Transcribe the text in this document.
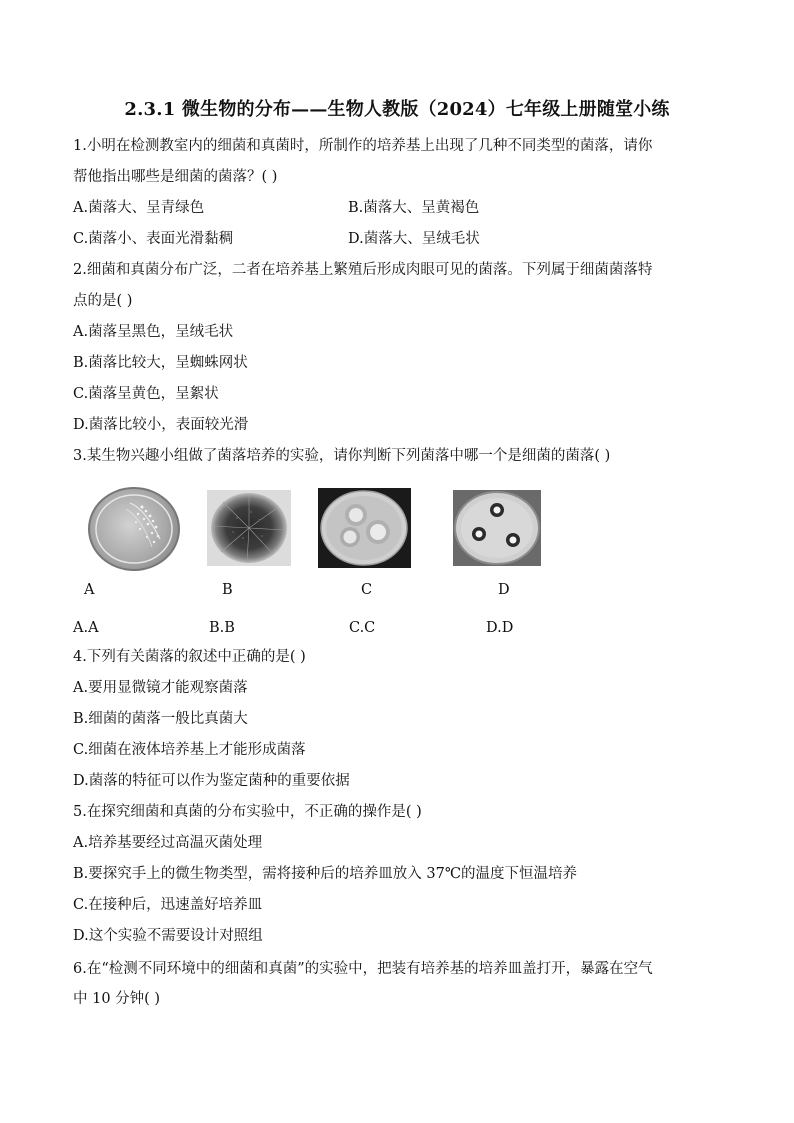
2.3.1 微生物的分布——生物人教版（2024）七年级上册随堂小练
1.小明在检测教室内的细菌和真菌时，所制作的培养基上出现了几种不同类型的菌落，请你
帮他指出哪些是细菌的菌落？( )
A.菌落大、呈青绿色	B.菌落大、呈黄褐色
C.菌落小、表面光滑黏稠	D.菌落大、呈绒毛状
2.细菌和真菌分布广泛，二者在培养基上繁殖后形成肉眼可见的菌落。下列属于细菌菌落特
点的是( )
A.菌落呈黑色，呈绒毛状
B.菌落比较大，呈蜘蛛网状
C.菌落呈黄色，呈絮状
D.菌落比较小，表面较光滑
3.某生物兴趣小组做了菌落培养的实验，请你判断下列菌落中哪一个是细菌的菌落( )
A	B	C	D
A.A	B.B	C.C	D.D
4.下列有关菌落的叙述中正确的是( )
A.要用显微镜才能观察菌落
B.细菌的菌落一般比真菌大
C.细菌在液体培养基上才能形成菌落
D.菌落的特征可以作为鉴定菌种的重要依据
5.在探究细菌和真菌的分布实验中，不正确的操作是( )
A.培养基要经过高温灭菌处理
B.要探究手上的微生物类型，需将接种后的培养皿放入 37℃的温度下恒温培养
C.在接种后，迅速盖好培养皿
D.这个实验不需要设计对照组
6.在“检测不同环境中的细菌和真菌”的实验中，把装有培养基的培养皿盖打开，暴露在空气
中 10 分钟( )
